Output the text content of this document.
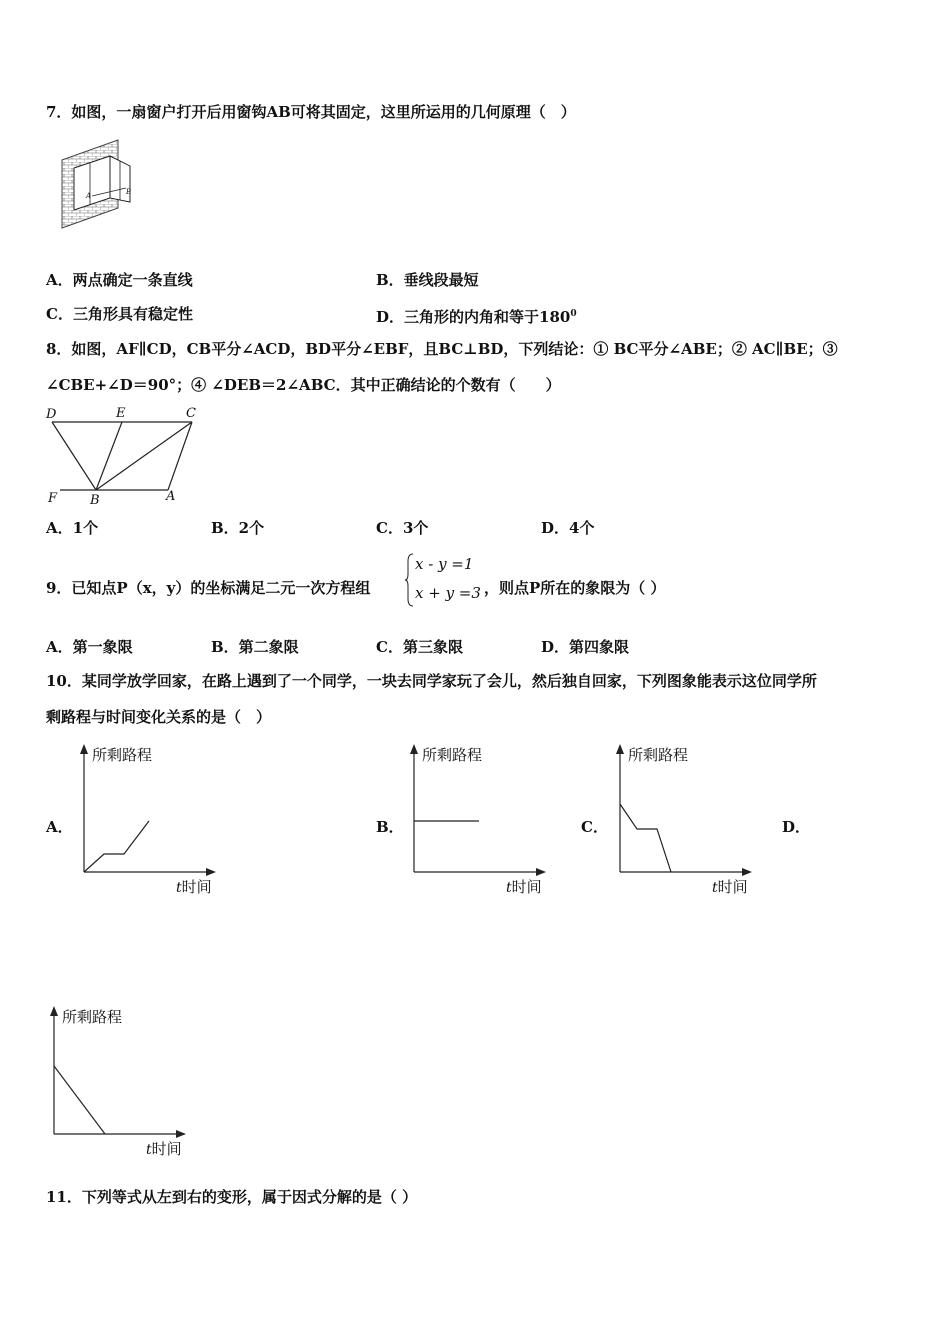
7．如图，一扇窗户打开后用窗钩AB可将其固定，这里所运用的几何原理（　）
A	B
A．两点确定一条直线	B．垂线段最短
C．三角形具有稳定性	D．三角形的内角和等于$180^0$
8．如图，AF∥CD，CB平分∠ACD，BD平分∠EBF，且BC⊥BD，下列结论：① BC平分∠ABE；② AC∥BE；③
∠CBE+∠D＝90°；④ ∠DEB＝2∠ABC．其中正确结论的个数有（　　）
D	E	C
F	B	A
A．1个	B．2个	C．3个	D．4个
9．已知点P（x，y）的坐标满足二元一次方程组
x - y =1
x + y =3 ，则点P所在的象限为（ ）
A．第一象限	B．第二象限	C．第三象限	D．第四象限
10．某同学放学回家，在路上遇到了一个同学，一块去同学家玩了会儿，然后独自回家，下列图象能表示这位同学所
剩路程与时间变化关系的是（　）
A．	B．	C．	D．
所剩路程
t时间
所剩路程
t时间
所剩路程
t时间
所剩路程
t时间
11．下列等式从左到右的变形，属于因式分解的是（ ）
